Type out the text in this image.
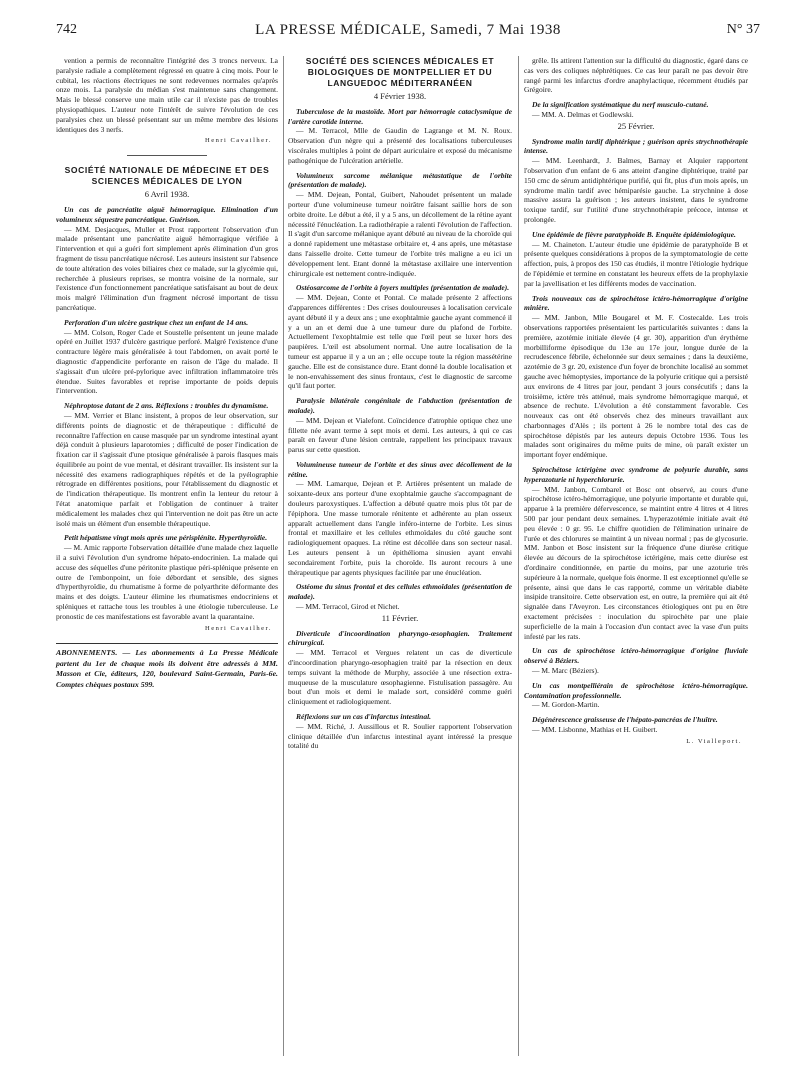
742	LA PRESSE MÉDICALE, Samedi, 7 Mai 1938	N° 37

vention a permis de reconnaître l'intégrité des 3 troncs nerveux. La paralysie radiale a complètement régressé en quatre à cinq mois. Pour le cubital, les réactions électriques ne sont redevenues normales qu'après onze mois. La paralysie du médian s'est maintenue sans changement. Mais le blessé conserve une main utile car il n'existe pas de troubles physiopathiques. L'auteur note l'intérêt de suivre l'évolution de ces paralysies chez un blessé présentant sur un même membre des lésions identiques des 3 nerfs.

Henri Cavailher.

SOCIÉTÉ NATIONALE DE MÉDECINE ET DES SCIENCES MÉDICALES DE LYON

6 Avril 1938.

Un cas de pancréatite aiguë hémorragique. Elimination d'un volumineux séquestre pancréatique. Guérison.

— MM. Desjacques, Muller et Prost rapportent l'observation d'un malade présentant une pancréatite aiguë hémorragique vérifiée à l'intervention et qui a guéri fort simplement après élimination d'un gros fragment de tissu pancréatique nécrosé. Les auteurs insistent sur l'absence de toute altération des voies biliaires chez ce malade, sur la glycémie qui, recherchée à plusieurs reprises, se montra voisine de la normale, sur l'existence d'un fonctionnement pancréatique satisfaisant au bout de deux mois malgré l'élimination d'un fragment nécrosé important de tissu pancréatique.

Perforation d'un ulcère gastrique chez un enfant de 14 ans.

— MM. Colson, Roger Cade et Soustelle présentent un jeune malade opéré en Juillet 1937 d'ulcère gastrique perforé. Malgré l'existence d'une contracture légère mais généralisée à tout l'abdomen, on avait porté le diagnostic d'appendicite perforante en raison de l'âge du malade. Il s'agissait d'un ulcère pré-pylorique avec infiltration inflammatoire très étendue. Suites favorables et reprise importante de poids depuis l'intervention.

Néphroptose datant de 2 ans. Réflexions : troubles du dynamisme.

— MM. Verrier et Blanc insistent, à propos de leur observation, sur différents points de diagnostic et de thérapeutique : difficulté de reconnaître l'affection en cause masquée par un syndrome intestinal ayant déjà conduit à plusieurs laparotomies ; difficulté de poser l'indication de fixation car il s'agissait d'une ptosique généralisée à parois flasques mais équilibrée au point de vue mental, et désirant travailler. Ils insistent sur la nécessité des examens radiographiques répétés et de la pyélographie rétrograde en différentes positions, pour l'établissement du diagnostic et de l'indication thérapeutique. Ils montrent enfin la lenteur du retour à l'état anatomique parfait et l'obligation de continuer à traiter médicalement les malades chez qui l'intervention ne doit pas être un acte isolé mais un élément d'un ensemble thérapeutique.

Petit hépatisme vingt mois après une périsplénite. Hyperthyroïdie.

— M. Amic rapporte l'observation détaillée d'une malade chez laquelle il a suivi l'évolution d'un syndrome hépato-endocrinien. La malade qui accuse des séquelles d'une péritonite plastique péri-splénique présente en outre de l'embonpoint, un foie débordant et sensible, des signes d'hyperthyroïdie, du rhumatisme à forme de polyarthrite déformante des mains et des doigts. L'auteur élimine les rhumatismes endocriniens et spléniques et rattache tous les troubles à une étiologie tuberculeuse. Le pronostic de ces manifestations est favorable avant la quarantaine.

Henri Cavailher.

ABONNEMENTS. — Les abonnements à La Presse Médicale partent du 1er de chaque mois ils doivent être adressés à MM. Masson et Cie, éditeurs, 120, boulevard Saint-Germain, Paris-6e. Comptes chèques postaux 599.

SOCIÉTÉ DES SCIENCES MÉDICALES ET BIOLOGIQUES DE MONTPELLIER ET DU LANGUEDOC MÉDITERRANÉEN

4 Février 1938.

Tuberculose de la mastoïde. Mort par hémorragie cataclysmique de l'artère carotide interne.

— M. Terracol, Mlle de Gaudin de Lagrange et M. N. Roux. Observation d'un nègre qui a présenté des localisations tuberculeuses viscérales multiples à point de départ auriculaire et exposé du mécanisme pathogénique de l'ulcération artérielle.

Volumineux sarcome mélanique métastatique de l'orbite (présentation de malade).

— MM. Dejean, Pontal, Guibert, Nahoudet présentent un malade porteur d'une volumineuse tumeur noirâtre faisant saillie hors de son orbite droite. Le début a été, il y a 5 ans, un décollement de la rétine ayant nécessité l'énucléation. La radiothérapie a ralenti l'évolution de l'affection. Il s'agit d'un sarcome mélanique ayant débuté au niveau de la choroïde qui a donné rapidement une métastase orbitaire et, 4 ans après, une métastase dans l'aisselle droite. Cette tumeur de l'orbite très maligne a eu ici un développement lent. Etant donné la métastase axillaire une intervention chirurgicale est nettement contre-indiquée.

Ostéosarcome de l'orbite à foyers multiples (présentation de malade).

— MM. Dejean, Conte et Pontal. Ce malade présente 2 affections d'apparences différentes : Des crises douloureuses à localisation cervicale ayant débuté il y a deux ans ; une exophtalmie gauche ayant commencé il y a un an et demi due à une tumeur dure du plafond de l'orbite. Actuellement l'exophtalmie est telle que l'œil peut se luxer hors des paupières. L'œil est absolument normal. Une autre localisation de la tumeur est apparue il y a un an ; elle occupe toute la région massétérine gauche. Elle est de consistance dure. Etant donné la double localisation et le non-envahissement des sinus frontaux, c'est le diagnostic de sarcome qu'il faut porter.

Paralysie bilatérale congénitale de l'abduction (présentation de malade).

— MM. Dejean et Vialefont. Coïncidence d'atrophie optique chez une fillette née avant terme à sept mois et demi. Les auteurs, à qui ce cas paraît en faveur d'une lésion centrale, rappellent les principaux travaux parus sur cette question.

Volumineuse tumeur de l'orbite et des sinus avec décollement de la rétine.

— MM. Lamarque, Dejean et P. Artières présentent un malade de soixante-deux ans porteur d'une exophtalmie gauche s'accompagnant de douleurs paroxystiques. L'affection a débuté quatre mois plus tôt par de l'épiphora. Une masse tumorale rénitente et adhérente au plan osseux apparaît actuellement dans l'angle inféro-interne de l'orbite. Les sinus frontal et maxillaire et les cellules ethmoïdales du côté gauche sont radiologiquement opaques. La rétine est décollée dans son secteur nasal. Les auteurs pensent à un épithélioma sinusien ayant envahi secondairement l'orbite, puis la choroïde. Ils auront recours à une thérapeutique par agents physiques facilitée par une énucléation.

Ostéome du sinus frontal et des cellules ethmoïdales (présentation de malade).

— MM. Terracol, Girod et Nichet.

11 Février.

Diverticule d'incoordination pharyngo-œsophagien. Traitement chirurgical.

— MM. Terracol et Vergues relatent un cas de diverticule d'incoordination pharyngo-œsophagien traité par la résection en deux temps suivant la méthode de Murphy, associée à une résection extra-muqueuse de la musculature œsophagienne. Fistulisation passagère. Au bout d'un mois et demi le malade sort, considéré comme guéri cliniquement et radiologiquement.

Réflexions sur un cas d'infarctus intestinal.

— MM. Riché, J. Aussillous et R. Soulier rapportent l'observation clinique détaillée d'un infarctus intestinal ayant intéressé la presque totalité du

grêle. Ils attirent l'attention sur la difficulté du diagnostic, égaré dans ce cas vers des coliques néphrétiques. Ce cas leur paraît ne pas devoir être rangé parmi les infarctus d'ordre anaphylactique, récemment étudiés par Grégoire.

De la signification systématique du nerf musculo-cutané.

— MM. A. Delmas et Godlewski.

25 Février.

Syndrome malin tardif diphtérique ; guérison après strychnothérapie intense.

— MM. Leenhardt, J. Balmes, Barnay et Alquier rapportent l'observation d'un enfant de 6 ans atteint d'angine diphtérique, traité par 150 cmc de sérum antidiphtérique purifié, qui fit, plus d'un mois après, un syndrome malin tardif avec hémiparésie gauche. La strychnine à dose massive assura la guérison ; les auteurs insistent, dans le syndrome toxique tardif, sur l'utilité d'une strychnothérapie précoce, intense et prolongée.

Une épidémie de fièvre paratyphoïde B. Enquête épidémiologique.

— M. Chaineton. L'auteur étudie une épidémie de paratyphoïde B et présente quelques considérations à propos de la symptomatologie de cette affection, puis, à propos des 150 cas étudiés, il montre l'étiologie hydrique de l'épidémie et termine en constatant les heureux effets de la prophylaxie par la javellisation et les différents modes de vaccination.

Trois nouveaux cas de spirochétose ictéro-hémorragique d'origine minière.

— MM. Janbon, Mlle Bougarel et M. F. Costecalde. Les trois observations rapportées présentaient les particularités suivantes : dans la première, azotémie initiale élevée (4 gr. 30), apparition d'un érythème morbilliforme épisodique du 13e au 17e jour, longue durée de la recrudescence fébrile, échelonnée sur deux semaines ; dans la deuxième, azotémie de 3 gr. 20, existence d'un foyer de bronchite localisé au sommet gauche avec hémoptysies, importance de la polyurie critique qui a persisté aux environs de 4 litres par jour, pendant 3 jours consécutifs ; dans la troisième, ictère très atténué, mais syndrome hémorragique marqué, et absence de rechute. L'évolution a été constamment favorable. Ces nouveaux cas ont été observés chez des mineurs travaillant aux charbonnages d'Alès ; ils portent à 26 le nombre total des cas de spirochétose dépistés par les auteurs depuis Octobre 1936. Tous les malades sont originaires du même puits de mine, où paraît exister un important foyer endémique.

Spirochétose ictérigène avec syndrome de polyurie durable, sans hyperazoturie ni hyperchlorurie.

— MM. Janbon, Combarel et Bosc ont observé, au cours d'une spirochétose ictéro-hémorragique, une polyurie importante et durable qui, apparue à la première défervescence, se maintint entre 4 litres et 4 litres 500 par jour pendant deux semaines. L'hyperazotémie initiale avait été peu élevée : 0 gr. 95. Le chiffre quotidien de l'élimination urinaire de l'urée et des chlorures se maintint à un niveau normal ; pas de glycosurie. MM. Janbon et Bosc insistent sur la fréquence d'une diurèse critique élevée au décours de la spirochétose ictérigène, mais cette diurèse est d'ordinaire conditionnée, en partie du moins, par une azoturie très supérieure à la normale, quelque fois énorme. Il est exceptionnel qu'elle se présente, ainsi que dans le cas rapporté, comme un véritable diabète insipide transitoire. Cette observation est, en outre, la première qui ait été signalée dans l'Aveyron. Les circonstances étiologiques ont pu en être exactement précisées : inoculation du spirochète par une plaie superficielle de la main à l'occasion d'un contact avec la vase d'un puits infesté par les rats.

Un cas de spirochétose ictéro-hémorragique d'origine fluviale observé à Béziers.

— M. Marc (Béziers).

Un cas montpelliérain de spirochétose ictéro-hémorragique. Contamination professionnelle.

— M. Gordon-Martin.

Dégénérescence graisseuse de l'hépato-pancréas de l'huître.

— MM. Lisbonne, Mathias et H. Guibert.

L. Vialleport.
